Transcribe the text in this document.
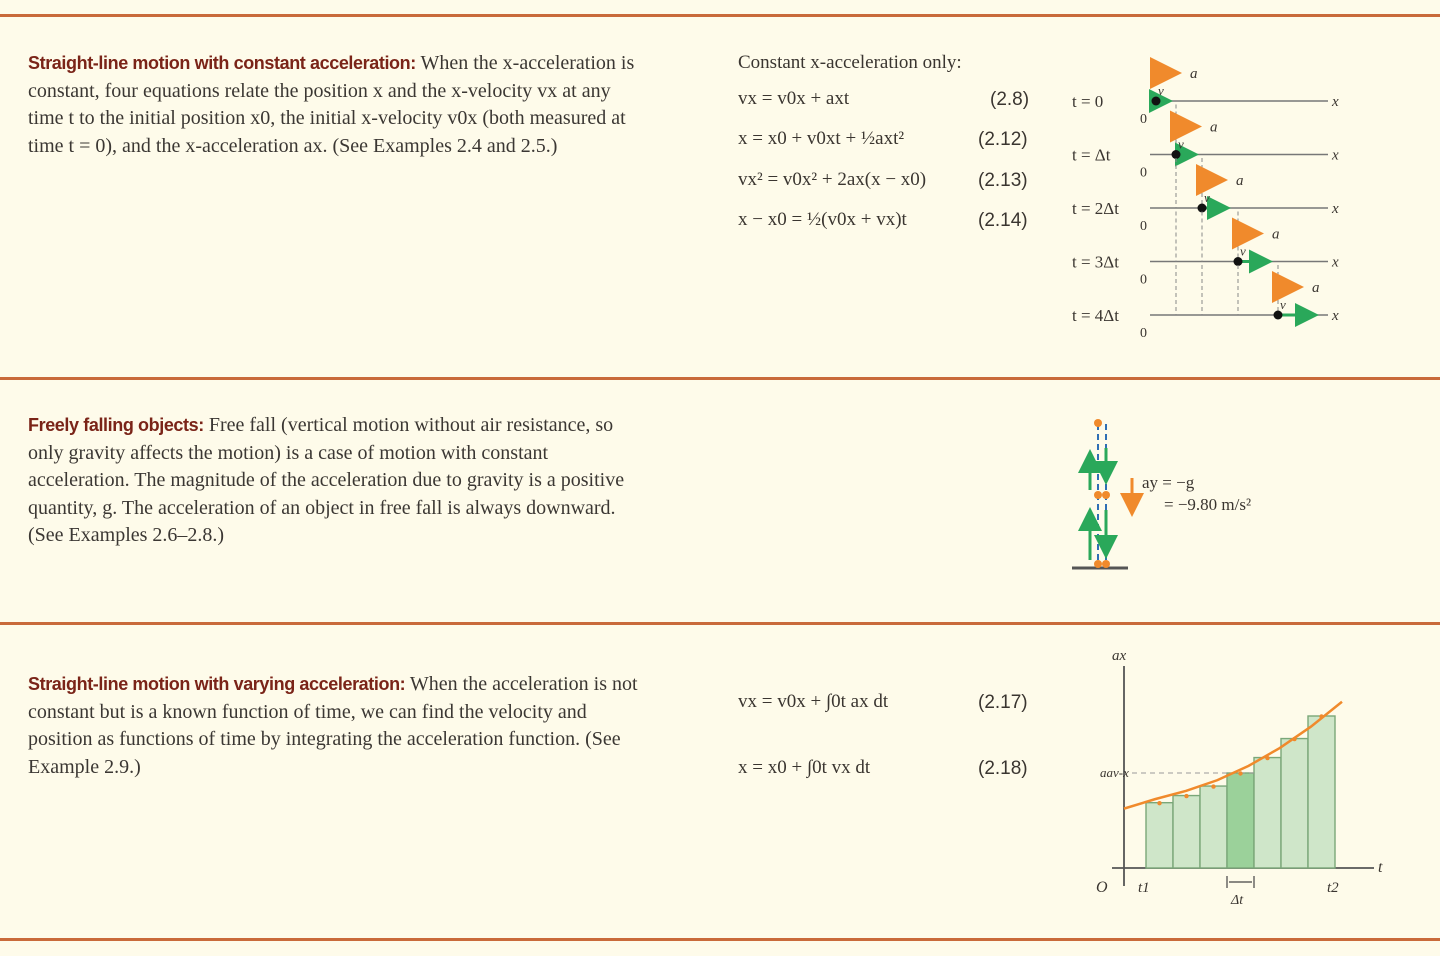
Straight-line motion with constant acceleration: When the x-acceleration is constant, four equations relate the position x and the x-velocity vx at any time t to the initial position x0, the initial x-velocity v0x (both measured at time t = 0), and the x-acceleration ax. (See Examples 2.4 and 2.5.)
Constant x-acceleration only:
vx = v0x + axt	(2.8)
x = x0 + v0xt + ½axt²	(2.12)
vx² = v0x² + 2ax(x − x0)	(2.13)
x − x0 = ½(v0x + vx)t	(2.14)
t = 0	x
0
v
a
t = Δt	x
0
v
a
t = 2Δt	x
0
v
a
t = 3Δt	x
0
v
a
t = 4Δt	x
0
v
a
Freely falling objects: Free fall (vertical motion without air resistance, so only gravity affects the motion) is a case of motion with constant acceleration. The magnitude of the acceleration due to gravity is a positive quantity, g. The acceleration of an object in free fall is always downward. (See Examples 2.6–2.8.)
ay = −g
= −9.80 m/s²
Straight-line motion with varying acceleration: When the acceleration is not constant but is a known function of time, we can find the velocity and position as functions of time by integrating the acceleration function. (See Example 2.9.)
vx = v0x + ∫0t ax dt	(2.17)
x = x0 + ∫0t vx dt	(2.18)
ax
t
O
aav-x
t1	t2
Δt
